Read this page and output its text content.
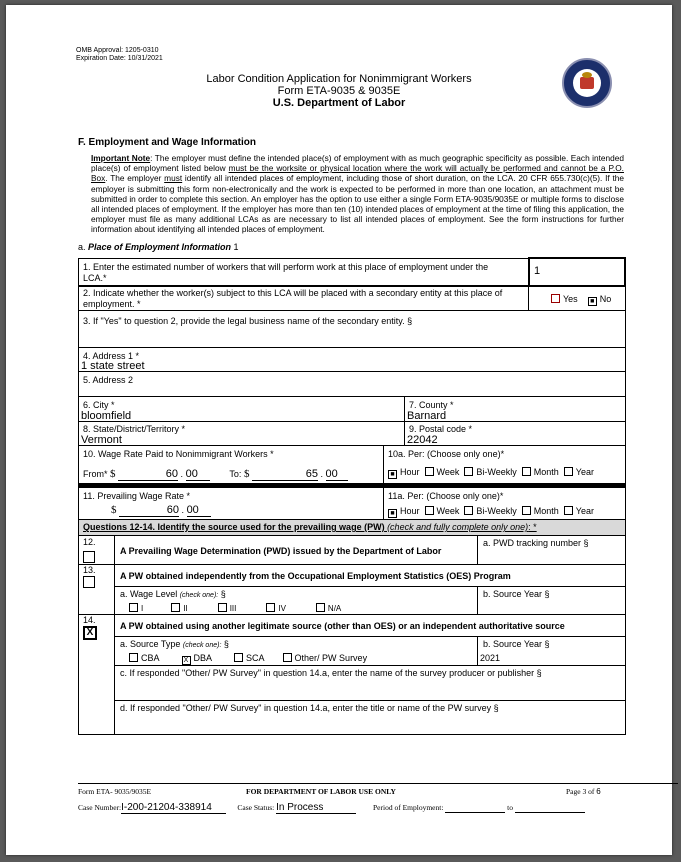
OMB Approval: 1205-0310
Expiration Date: 10/31/2021
Labor Condition Application for Nonimmigrant Workers
Form ETA-9035 & 9035E
U.S. Department of Labor
F. Employment and Wage Information
Important Note: The employer must define the intended place(s) of employment with as much geographic specificity as possible. Each intended place(s) of employment listed below must be the worksite or physical location where the work will actually be performed and cannot be a P.O. Box. The employer must identify all intended places of employment, including those of short duration, on the LCA. 20 CFR 655.730(c)(5). If the employer is submitting this form non-electronically and the work is expected to be performed in more than one location, an attachment must be submitted in order to complete this section. An employer has the option to use either a single Form ETA-9035/9035E or multiple forms to disclose all intended places of employment. If the employer has more than ten (10) intended places of employment at the time of filing this application, the employer must file as many additional LCAs as are necessary to list all intended places of employment. See the form instructions for further information about identifying all intended places of employment.
a. Place of Employment Information 1
1. Enter the estimated number of workers that will perform work at this place of employment under the LCA.*
1
2. Indicate whether the worker(s) subject to this LCA will be placed with a secondary entity at this place of employment. *	Yes ■ No
3. If "Yes" to question 2, provide the legal business name of the secondary entity. §
4. Address 1 *
1 state street
5. Address 2
6. City *
bloomfield
7. County *
Barnard
8. State/District/Territory *
Vermont
9. Postal code *
22042
10. Wage Rate Paid to Nonimmigrant Workers *
From* $	60 . 00	To: $	65 . 00
10a. Per: (Choose only one)*
■ Hour Week Bi-Weekly Month Year
11. Prevailing Wage Rate *
$	60 . 00
11a. Per: (Choose only one)*
■ Hour Week Bi-Weekly Month Year
Questions 12-14. Identify the source used for the prevailing wage (PW) (check and fully complete only one): *
12.
A Prevailing Wage Determination (PWD) issued by the Department of Labor
a. PWD tracking number §
13.
A PW obtained independently from the Occupational Employment Statistics (OES) Program
a. Wage Level (check one): §
I	II	III	IV	N/A
b. Source Year §
14.
X
A PW obtained using another legitimate source (other than OES) or an independent authoritative source
a. Source Type (check one): §
CBA	X DBA	SCA	Other/ PW Survey
b. Source Year §
2021
c. If responded "Other/ PW Survey" in question 14.a, enter the name of the survey producer or publisher §
d. If responded "Other/ PW Survey" in question 14.a, enter the title or name of the PW survey §
Form ETA- 9035/9035E	FOR DEPARTMENT OF LABOR USE ONLY	Page 3 of 6
Case Number:I-200-21204-338914	Case Status: In Process	Period of Employment:	to
